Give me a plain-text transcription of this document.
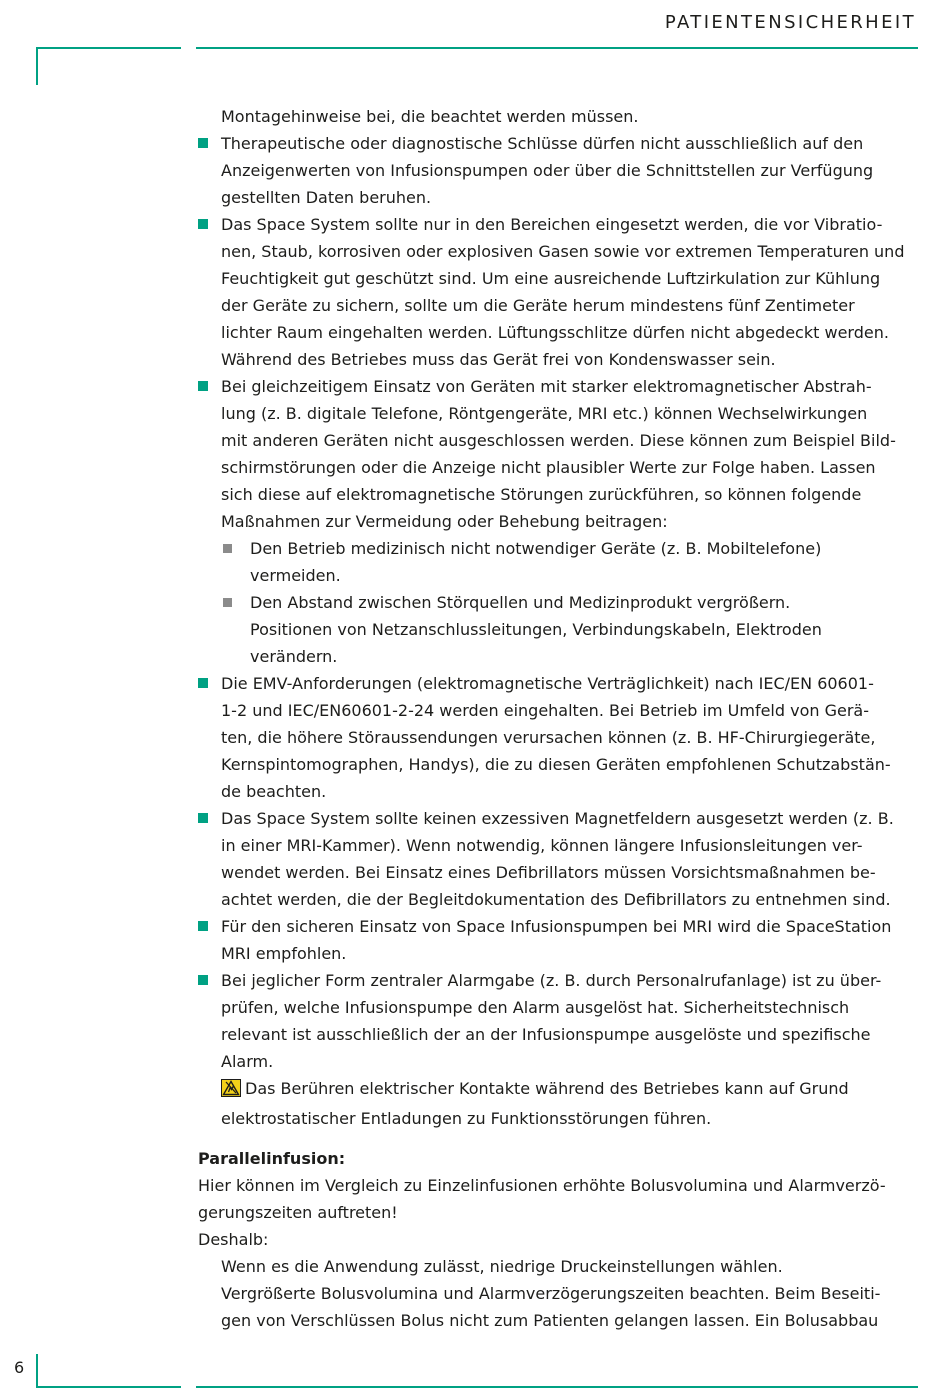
PATIENTENSICHERHEIT
Montagehinweise bei, die beachtet werden müssen.
Therapeutische oder diagnostische Schlüsse dürfen nicht ausschließlich auf den
Anzeigenwerten von Infusionspumpen oder über die Schnittstellen zur Verfügung
gestellten Daten beruhen.
Das Space System sollte nur in den Bereichen eingesetzt werden, die vor Vibratio-
nen, Staub, korrosiven oder explosiven Gasen sowie vor extremen Temperaturen und
Feuchtigkeit gut geschützt sind. Um eine ausreichende Luftzirkulation zur Kühlung
der Geräte zu sichern, sollte um die Geräte herum mindestens fünf Zentimeter
lichter Raum eingehalten werden. Lüftungsschlitze dürfen nicht abgedeckt werden.
Während des Betriebes muss das Gerät frei von Kondenswasser sein.
Bei gleichzeitigem Einsatz von Geräten mit starker elektromagnetischer Abstrah-
lung (z. B. digitale Telefone, Röntgengeräte, MRI etc.) können Wechselwirkungen
mit anderen Geräten nicht ausgeschlossen werden. Diese können zum Beispiel Bild-
schirmstörungen oder die Anzeige nicht plausibler Werte zur Folge haben. Lassen
sich diese auf elektromagnetische Störungen zurückführen, so können folgende
Maßnahmen zur Vermeidung oder Behebung beitragen:
Den Betrieb medizinisch nicht notwendiger Geräte (z. B. Mobiltelefone)
vermeiden.
Den Abstand zwischen Störquellen und Medizinprodukt vergrößern.
Positionen von Netzanschlussleitungen, Verbindungskabeln, Elektroden
verändern.
Die EMV-Anforderungen (elektromagnetische Verträglichkeit) nach IEC/EN 60601-
1-2 und IEC/EN60601-2-24 werden eingehalten. Bei Betrieb im Umfeld von Gerä-
ten, die höhere Störaussendungen verursachen können (z. B. HF-Chirurgiegeräte,
Kernspintomographen, Handys), die zu diesen Geräten empfohlenen Schutzabstän-
de beachten.
Das Space System sollte keinen exzessiven Magnetfeldern ausgesetzt werden (z. B.
in einer MRI-Kammer). Wenn notwendig, können längere Infusionsleitungen ver-
wendet werden. Bei Einsatz eines Defibrillators müssen Vorsichtsmaßnahmen be-
achtet werden, die der Begleitdokumentation des Defibrillators zu entnehmen sind.
Für den sicheren Einsatz von Space Infusionspumpen bei MRI wird die SpaceStation
MRI empfohlen.
Bei jeglicher Form zentraler Alarmgabe (z. B. durch Personalrufanlage) ist zu über-
prüfen, welche Infusionspumpe den Alarm ausgelöst hat. Sicherheitstechnisch
relevant ist ausschließlich der an der Infusionspumpe ausgelöste und spezifische
Alarm.
Das Berühren elektrischer Kontakte während des Betriebes kann auf Grund
elektrostatischer Entladungen zu Funktionsstörungen führen.
Parallelinfusion:
Hier können im Vergleich zu Einzelinfusionen erhöhte Bolusvolumina und Alarmverzö-
gerungszeiten auftreten!
Deshalb:
Wenn es die Anwendung zulässt, niedrige Druckeinstellungen wählen.
Vergrößerte Bolusvolumina und Alarmverzögerungszeiten beachten. Beim Beseiti-
gen von Verschlüssen Bolus nicht zum Patienten gelangen lassen. Ein Bolusabbau
6
